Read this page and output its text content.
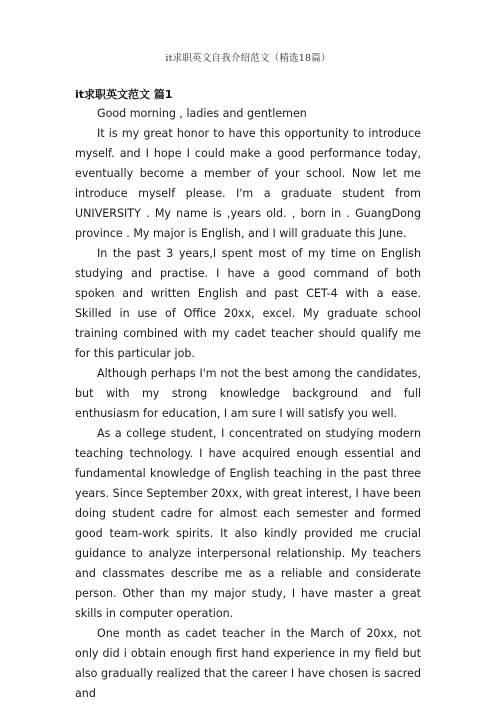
it求职英文自我介绍范文（精选18篇）
it求职英文范文 篇1

Good morning , ladies and gentlemen

It is my great honor to have this opportunity to introduce myself. and I hope I could make a good performance today, eventually become a member of your school. Now let me introduce myself please. I'm a graduate student from UNIVERSITY . My name is ,years old. , born in . GuangDong province . My major is English, and I will graduate this June.

In the past 3 years,I spent most of my time on English studying and practise. I have a good command of both spoken and written English and past CET-4 with a ease. Skilled in use of Office 20xx, excel. My graduate school training combined with my cadet teacher should qualify me for this particular job.

Although perhaps I'm not the best among the candidates, but with my strong knowledge background and full enthusiasm for education, I am sure I will satisfy you well.

As a college student, I concentrated on studying modern teaching technology. I have acquired enough essential and fundamental knowledge of English teaching in the past three years. Since September 20xx, with great interest, I have been doing student cadre for almost each semester and formed good team-work spirits. It also kindly provided me crucial guidance to analyze interpersonal relationship. My teachers and classmates describe me as a reliable and considerate person. Other than my major study, I have master a great skills in computer operation.

One month as cadet teacher in the March of 20xx, not only did i obtain enough first hand experience in my field but also gradually realized that the career I have chosen is sacred and
